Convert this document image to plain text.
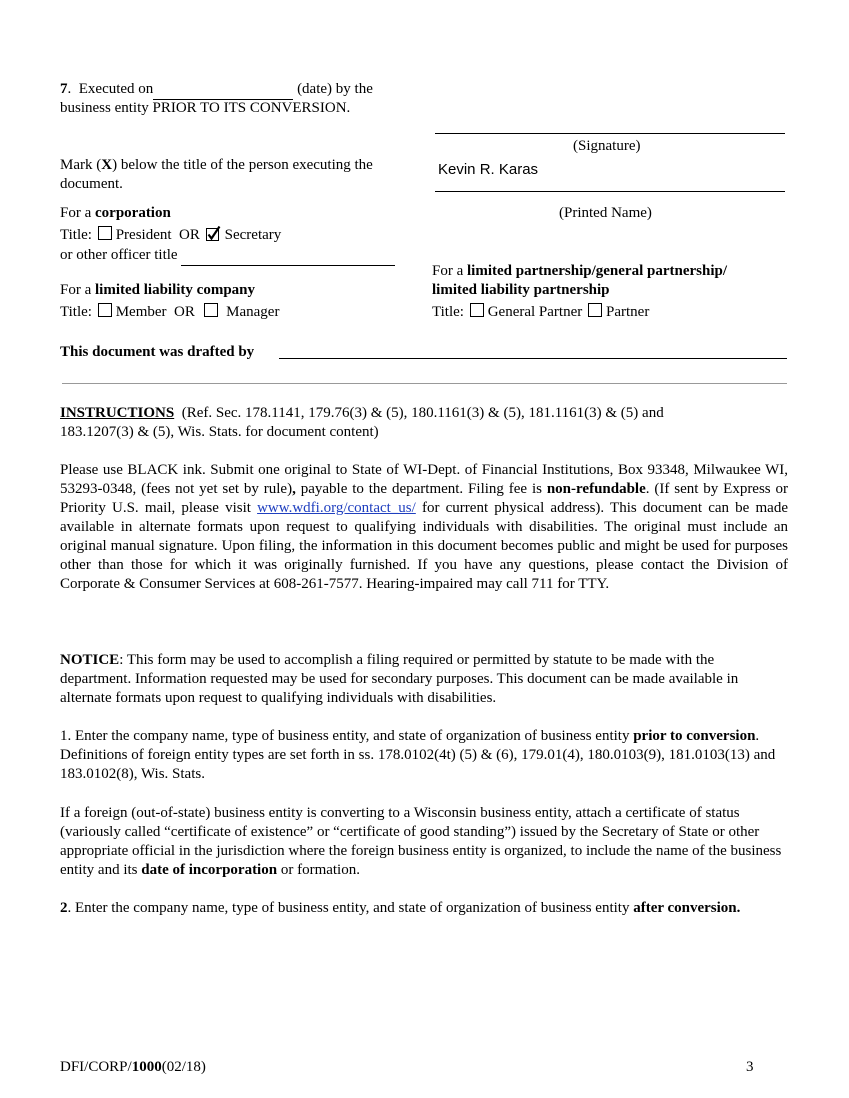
7.  Executed on	(date) by the
business entity PRIOR TO ITS CONVERSION.
(Signature)
Kevin R. Karas
(Printed Name)
Mark (X) below the title of the person executing the
document.
For a corporation
Title: President OR Secretary
or other officer title
For a limited partnership/general partnership/
limited liability partnership
Title: General Partner Partner
For a limited liability company
Title: Member OR Manager
This document was drafted by
INSTRUCTIONS (Ref. Sec. 178.1141, 179.76(3) & (5), 180.1161(3) & (5), 181.1161(3) & (5) and
183.1207(3) & (5), Wis. Stats. for document content)
Please use BLACK ink. Submit one original to State of WI-Dept. of Financial Institutions, Box 93348, Milwaukee WI, 53293-0348, (fees not yet set by rule), payable to the department. Filing fee is non-refundable. (If sent by Express or Priority U.S. mail, please visit www.wdfi.org/contact_us/ for current physical address). This document can be made available in alternate formats upon request to qualifying individuals with disabilities. The original must include an original manual signature. Upon filing, the information in this document becomes public and might be used for purposes other than those for which it was originally furnished. If you have any questions, please contact the Division of Corporate & Consumer Services at 608-261-7577. Hearing-impaired may call 711 for TTY.
NOTICE: This form may be used to accomplish a filing required or permitted by statute to be made with the department. Information requested may be used for secondary purposes. This document can be made available in alternate formats upon request to qualifying individuals with disabilities.
1. Enter the company name, type of business entity, and state of organization of business entity prior to conversion. Definitions of foreign entity types are set forth in ss. 178.0102(4t) (5) & (6), 179.01(4), 180.0103(9), 181.0103(13) and 183.0102(8), Wis. Stats.
If a foreign (out-of-state) business entity is converting to a Wisconsin business entity, attach a certificate of status (variously called “certificate of existence” or “certificate of good standing”) issued by the Secretary of State or other appropriate official in the jurisdiction where the foreign business entity is organized, to include the name of the business entity and its date of incorporation or formation.
2. Enter the company name, type of business entity, and state of organization of business entity after conversion.
DFI/CORP/1000(02/18)	3
